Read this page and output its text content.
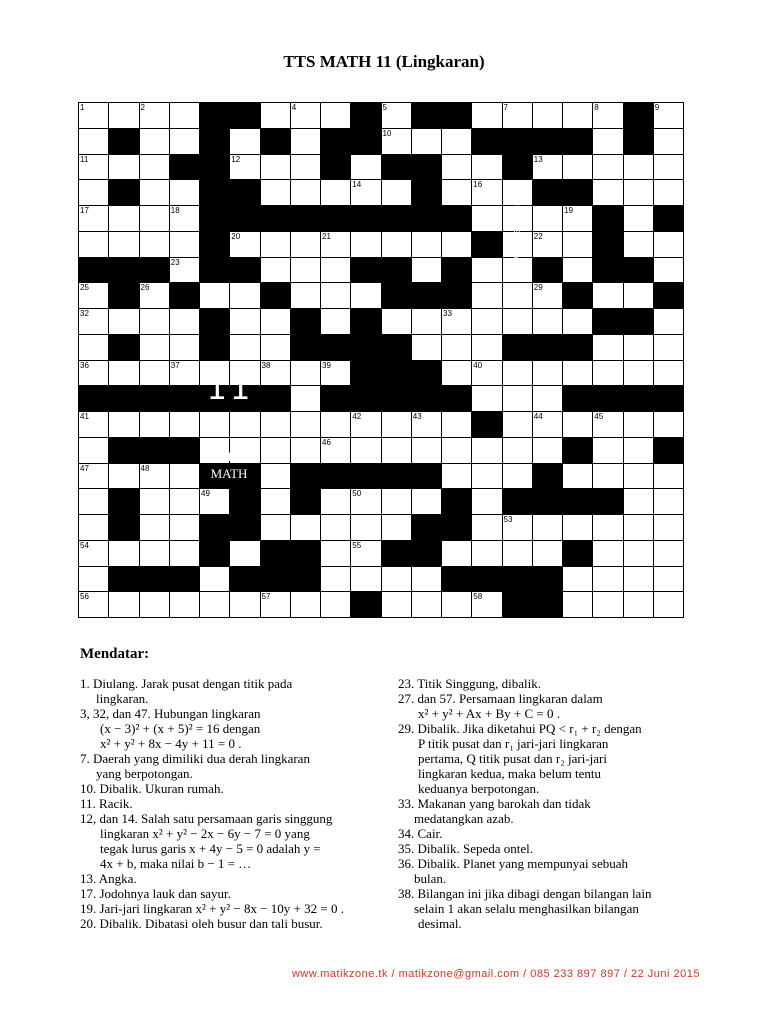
TTS MATH 11 (Lingkaran)
1	2	3	4	5	6	7	8	9
10
11	12	13
14	15	16
17	18	19
20	21	22
23	24
25	26	27	28	29	30	31
32	33
34	35
36	37	38	39	40
41	42	43	44	45
46
47	48
49	50	51
52	53
54	55
56	57	58
11
TTS
MATH
www.matikzone.tk
Mendatar:
1. Diulang. Jarak pusat dengan titik pada
lingkaran.
3, 32, dan 47. Hubungan lingkaran
(x − 3)² + (x + 5)² = 16 dengan
x² + y² + 8x − 4y + 11 = 0 .
7. Daerah yang dimiliki dua derah lingkaran
yang berpotongan.
10. Dibalik. Ukuran rumah.
11. Racik.
12, dan 14. Salah satu persamaan garis singgung
lingkaran x² + y² − 2x − 6y − 7 = 0 yang
tegak lurus garis x + 4y − 5 = 0 adalah y =
4x + b, maka nilai b − 1 = …
13. Angka.
17. Jodohnya lauk dan sayur.
19. Jari-jari lingkaran x² + y² − 8x − 10y + 32 = 0 .
20. Dibalik. Dibatasi oleh busur dan tali busur.
23. Titik Singgung, dibalik.
27. dan 57. Persamaan lingkaran dalam
x² + y² + Ax + By + C = 0 .
29. Dibalik. Jika diketahui PQ < r₁ + r₂ dengan
P titik pusat dan r₁ jari-jari lingkaran
pertama, Q titik pusat dan r₂ jari-jari
lingkaran kedua, maka belum tentu
keduanya berpotongan.
33. Makanan yang barokah dan tidak
medatangkan azab.
34. Cair.
35. Dibalik. Sepeda ontel.
36. Dibalik. Planet yang mempunyai sebuah
bulan.
38. Bilangan ini jika dibagi dengan bilangan lain
selain 1 akan selalu menghasilkan bilangan
desimal.
www.matikzone.tk / matikzone@gmail.com / 085 233 897 897 / 22 Juni 2015
